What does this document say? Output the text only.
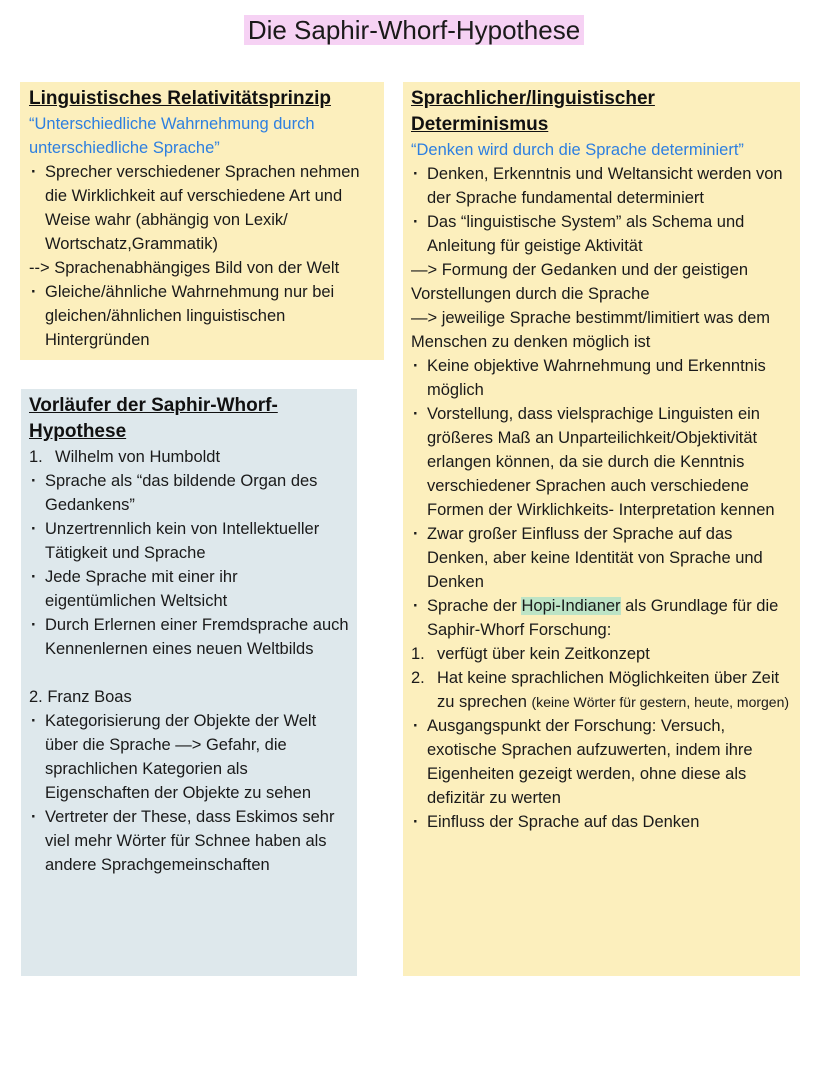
Die Saphir-Whorf-Hypothese
Linguistisches Relativitätsprinzip
“Unterschiedliche Wahrnehmung durch unterschiedliche Sprache”
· Sprecher verschiedener Sprachen nehmen die Wirklichkeit auf verschiedene Art und Weise wahr (abhängig von Lexik/ Wortschatz,Grammatik)
--> Sprachenabhängiges Bild von der Welt
· Gleiche/ähnliche Wahrnehmung nur bei gleichen/ähnlichen linguistischen Hintergründen
Vorläufer der Saphir-Whorf-Hypothese
1. Wilhelm von Humboldt
· Sprache als “das bildende Organ des Gedankens”
· Unzertrennlich kein von Intellektueller Tätigkeit und Sprache
· Jede Sprache mit einer ihr eigentümlichen Weltsicht
· Durch Erlernen einer Fremdsprache auch Kennenlernen eines neuen Weltbilds
2. Franz Boas
· Kategorisierung der Objekte der Welt über die Sprache —> Gefahr, die sprachlichen Kategorien als Eigenschaften der Objekte zu sehen
· Vertreter der These, dass Eskimos sehr viel mehr Wörter für Schnee haben als andere Sprachgemeinschaften
Sprachlicher/linguistischer Determinismus
“Denken wird durch die Sprache determiniert”
· Denken, Erkenntnis und Weltansicht werden von der Sprache fundamental determiniert
· Das “linguistische System” als Schema und Anleitung für geistige Aktivität
—> Formung der Gedanken und der geistigen Vorstellungen durch die Sprache
—> jeweilige Sprache bestimmt/limitiert was dem Menschen zu denken möglich ist
· Keine objektive Wahrnehmung und Erkenntnis möglich
· Vorstellung, dass vielsprachige Linguisten ein größeres Maß an Unparteilichkeit/Objektivität erlangen können, da sie durch die Kenntnis verschiedener Sprachen auch verschiedene Formen der Wirklichkeits- Interpretation kennen
· Zwar großer Einfluss der Sprache auf das Denken, aber keine Identität von Sprache und Denken
· Sprache der Hopi-Indianer als Grundlage für die Saphir-Whorf Forschung:
1. verfügt über kein Zeitkonzept
2. Hat keine sprachlichen Möglichkeiten über Zeit zu sprechen (keine Wörter für gestern, heute, morgen)
· Ausgangspunkt der Forschung: Versuch, exotische Sprachen aufzuwerten, indem ihre Eigenheiten gezeigt werden, ohne diese als defizitär zu werten
· Einfluss der Sprache auf das Denken
